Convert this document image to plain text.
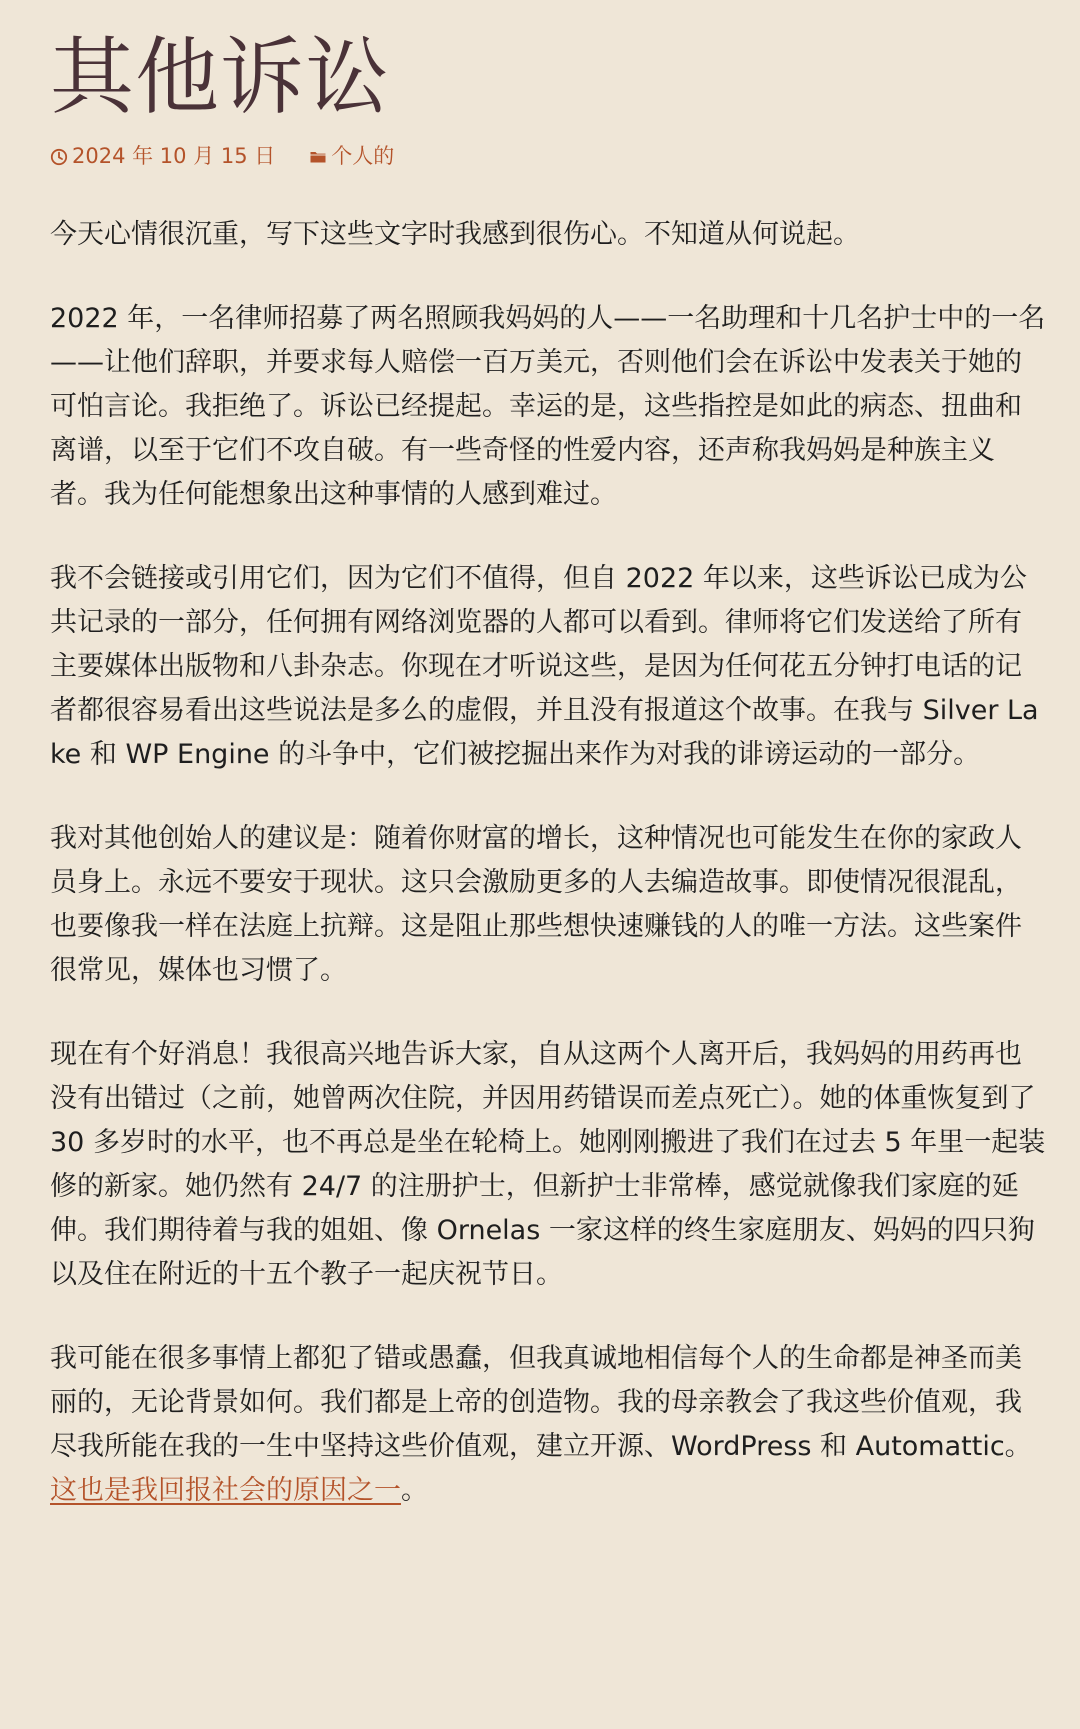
其他诉讼
2024 年 10 月 15 日	个人的

今天心情很沉重，写下这些文字时我感到很伤心。不知道从何说起。

2022 年，一名律师招募了两名照顾我妈妈的人——一名助理和十几名护士中的一名——让他们辞职，并要求每人赔偿一百万美元，否则他们会在诉讼中发表关于她的可怕言论。我拒绝了。诉讼已经提起。幸运的是，这些指控是如此的病态、扭曲和离谱，以至于它们不攻自破。有一些奇怪的性爱内容，还声称我妈妈是种族主义者。我为任何能想象出这种事情的人感到难过。

我不会链接或引用它们，因为它们不值得，但自 2022 年以来，这些诉讼已成为公共记录的一部分，任何拥有网络浏览器的人都可以看到。律师将它们发送给了所有主要媒体出版物和八卦杂志。你现在才听说这些，是因为任何花五分钟打电话的记者都很容易看出这些说法是多么的虚假，并且没有报道这个故事。在我与 Silver Lake 和 WP Engine 的斗争中，它们被挖掘出来作为对我的诽谤运动的一部分。

我对其他创始人的建议是：随着你财富的增长，这种情况也可能发生在你的家政人员身上。永远不要安于现状。这只会激励更多的人去编造故事。即使情况很混乱，也要像我一样在法庭上抗辩。这是阻止那些想快速赚钱的人的唯一方法。这些案件很常见，媒体也习惯了。

现在有个好消息！我很高兴地告诉大家，自从这两个人离开后，我妈妈的用药再也没有出错过（之前，她曾两次住院，并因用药错误而差点死亡）。她的体重恢复到了 30 多岁时的水平，也不再总是坐在轮椅上。她刚刚搬进了我们在过去 5 年里一起装修的新家。她仍然有 24/7 的注册护士，但新护士非常棒，感觉就像我们家庭的延伸。我们期待着与我的姐姐、像 Ornelas 一家这样的终生家庭朋友、妈妈的四只狗以及住在附近的十五个教子一起庆祝节日。

我可能在很多事情上都犯了错或愚蠢，但我真诚地相信每个人的生命都是神圣而美丽的，无论背景如何。我们都是上帝的创造物。我的母亲教会了我这些价值观，我尽我所能在我的一生中坚持这些价值观，建立开源、WordPress 和 Automattic。这也是我回报社会的原因之一。
